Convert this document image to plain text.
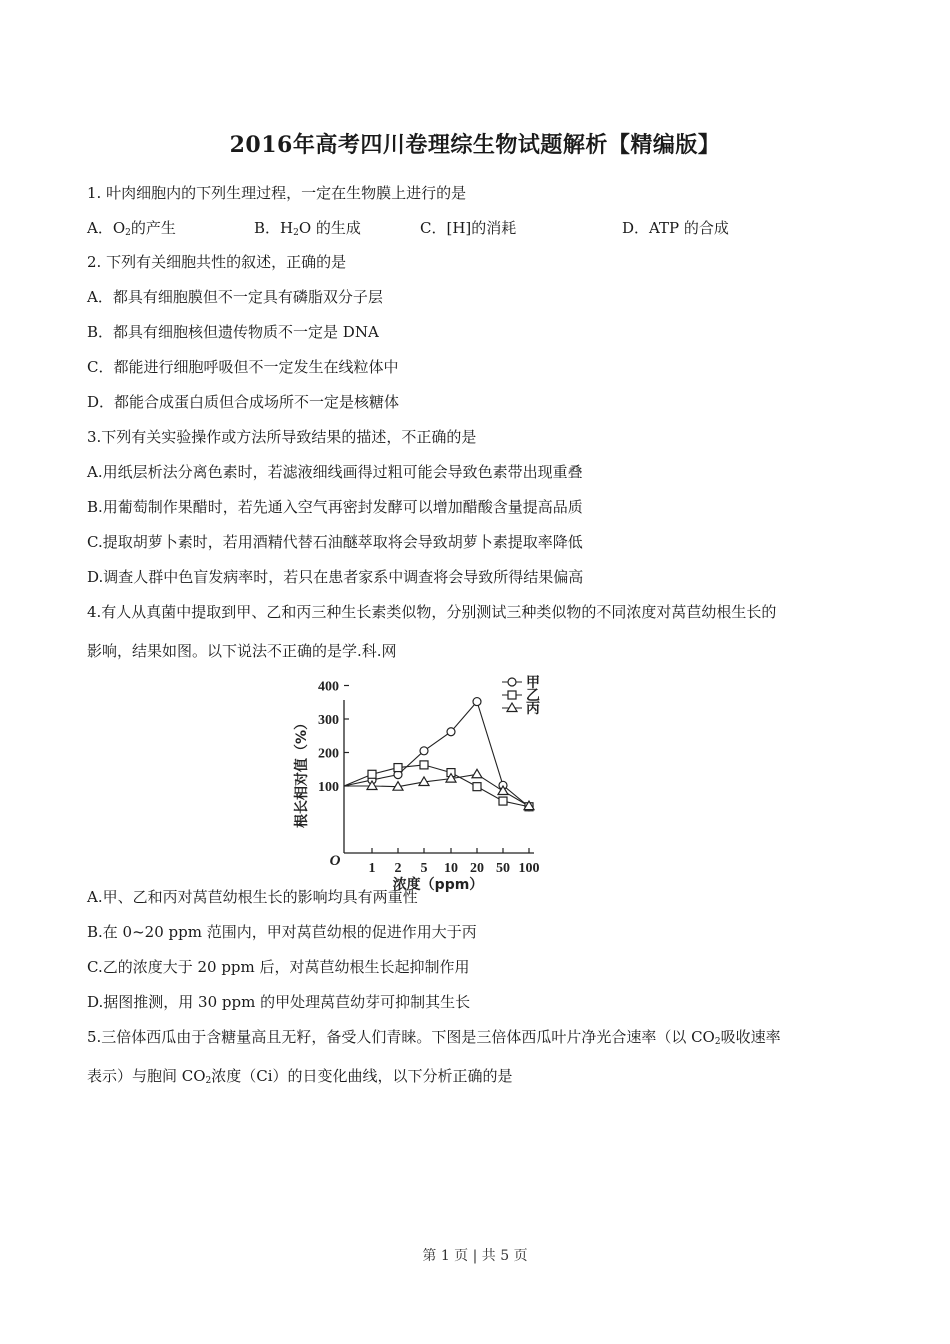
2016年高考四川卷理综生物试题解析【精编版】
1. 叶肉细胞内的下列生理过程，一定在生物膜上进行的是
A．$O_2$的产生	B．$H_2O$ 的生成	C．[H]的消耗	D．ATP 的合成
2. 下列有关细胞共性的叙述，正确的是
A．都具有细胞膜但不一定具有磷脂双分子层
B．都具有细胞核但遗传物质不一定是 DNA
C．都能进行细胞呼吸但不一定发生在线粒体中
D．都能合成蛋白质但合成场所不一定是核糖体
3.下列有关实验操作或方法所导致结果的描述，不正确的是
A.用纸层析法分离色素时，若滤液细线画得过粗可能会导致色素带出现重叠
B.用葡萄制作果醋时，若先通入空气再密封发酵可以增加醋酸含量提高品质
C.提取胡萝卜素时，若用酒精代替石油醚萃取将会导致胡萝卜素提取率降低
D.调查人群中色盲发病率时，若只在患者家系中调查将会导致所得结果偏高
4.有人从真菌中提取到甲、乙和丙三种生长素类似物，分别测试三种类似物的不同浓度对莴苣幼根生长的
影响，结果如图。以下说法不正确的是学.科.网
100
200
300
400
1 2 5 10 20 50 100
O
浓度（ppm）
根长相对值（%）
甲
乙
丙
A.甲、乙和丙对莴苣幼根生长的影响均具有两重性
B.在 0~20 ppm 范围内，甲对莴苣幼根的促进作用大于丙
C.乙的浓度大于 20 ppm 后，对莴苣幼根生长起抑制作用
D.据图推测，用 30 ppm 的甲处理莴苣幼芽可抑制其生长
5.三倍体西瓜由于含糖量高且无籽，备受人们青睐。下图是三倍体西瓜叶片净光合速率（以 $CO_2$吸收速率
表示）与胞间 $CO_2$浓度（Ci）的日变化曲线，以下分析正确的是
第 1 页 | 共 5 页
